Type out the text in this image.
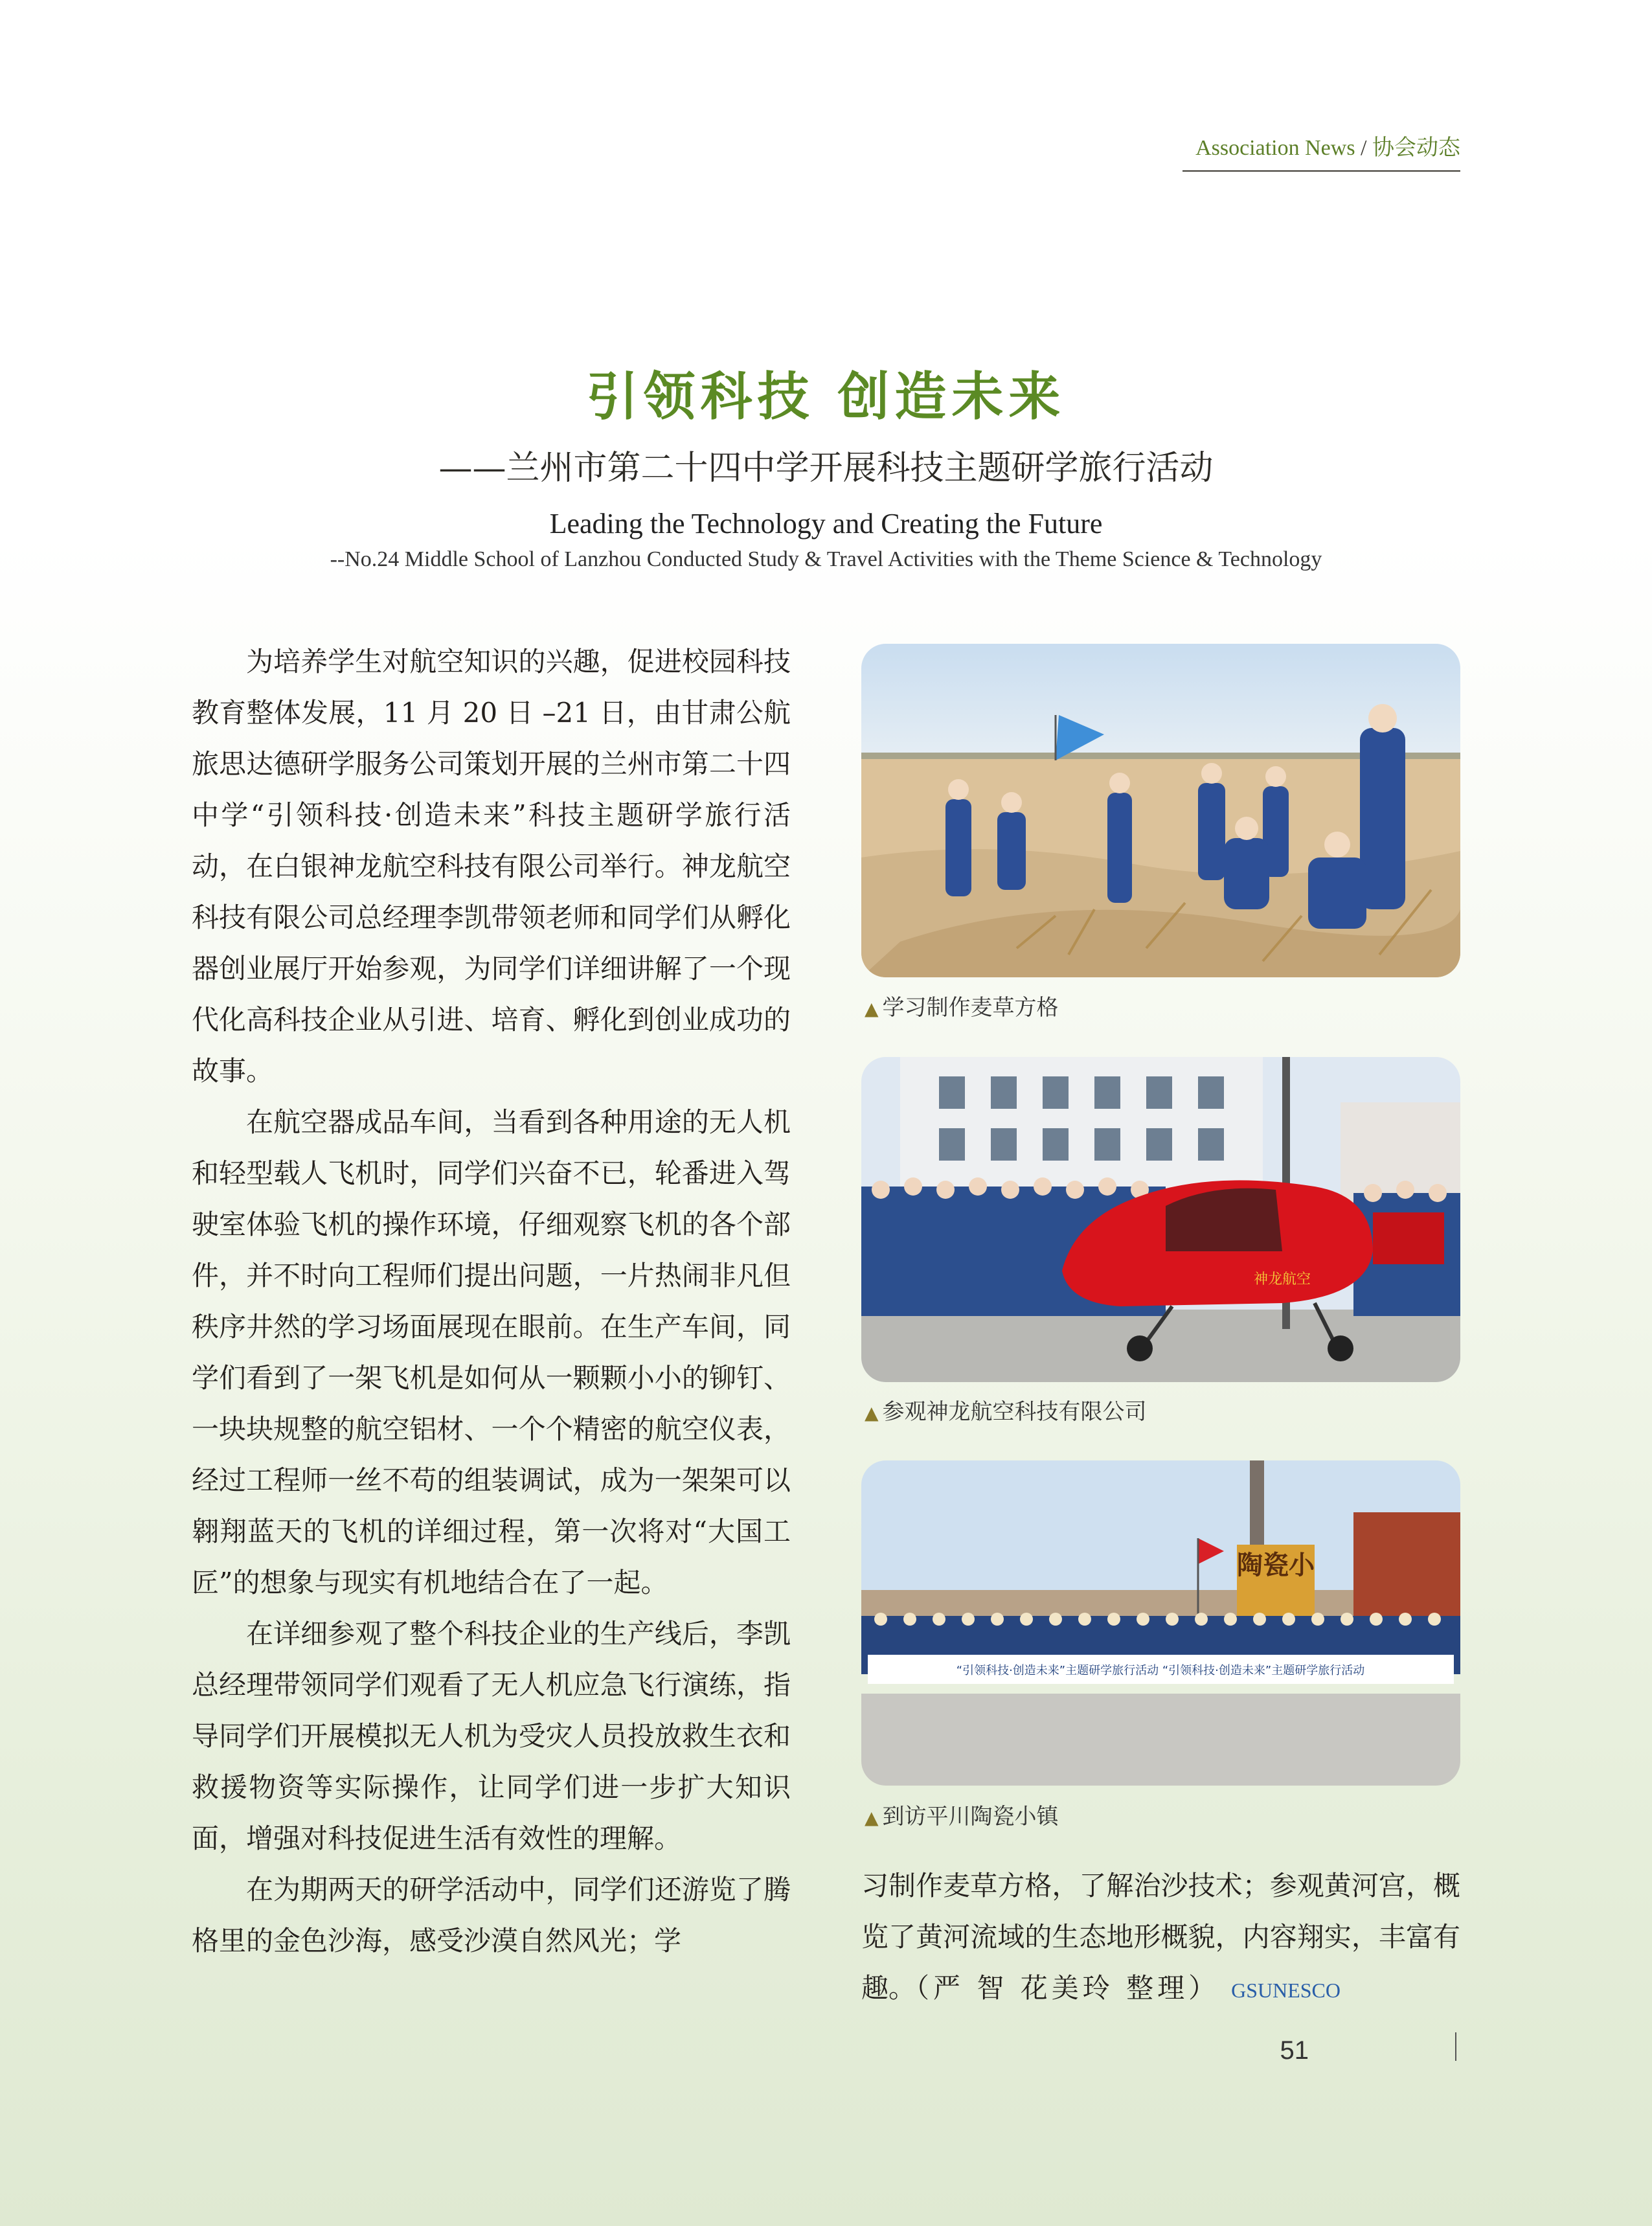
Association News / 协会动态
引领科技 创造未来
——兰州市第二十四中学开展科技主题研学旅行活动
Leading the Technology and Creating the Future
--No.24 Middle School of Lanzhou Conducted Study & Travel Activities with the Theme Science & Technology

为培养学生对航空知识的兴趣，促进校园科技教育整体发展，11 月 20 日 –21 日，由甘肃公航旅思达德研学服务公司策划开展的兰州市第二十四中学“引领科技·创造未来”科技主题研学旅行活动，在白银神龙航空科技有限公司举行。神龙航空科技有限公司总经理李凯带领老师和同学们从孵化器创业展厅开始参观，为同学们详细讲解了一个现代化高科技企业从引进、培育、孵化到创业成功的故事。

在航空器成品车间，当看到各种用途的无人机和轻型载人飞机时，同学们兴奋不已，轮番进入驾驶室体验飞机的操作环境，仔细观察飞机的各个部件，并不时向工程师们提出问题，一片热闹非凡但秩序井然的学习场面展现在眼前。在生产车间，同学们看到了一架飞机是如何从一颗颗小小的铆钉、一块块规整的航空铝材、一个个精密的航空仪表，经过工程师一丝不苟的组装调试，成为一架架可以翱翔蓝天的飞机的详细过程，第一次将对“大国工匠”的想象与现实有机地结合在了一起。

在详细参观了整个科技企业的生产线后，李凯总经理带领同学们观看了无人机应急飞行演练，指导同学们开展模拟无人机为受灾人员投放救生衣和救援物资等实际操作，让同学们进一步扩大知识面，增强对科技促进生活有效性的理解。

在为期两天的研学活动中，同学们还游览了腾格里的金色沙海，感受沙漠自然风光；学

▲ 学习制作麦草方格
神龙航空
▲ 参观神龙航空科技有限公司
陶瓷小
“引领科技·创造未来”主题研学旅行活动 “引领科技·创造未来”主题研学旅行活动
▲ 到访平川陶瓷小镇

习制作麦草方格，了解治沙技术；参观黄河宫，概览了黄河流域的生态地形概貌，内容翔实，丰富有趣。（严 智 花美玲 整理） GSUNESCO

51
